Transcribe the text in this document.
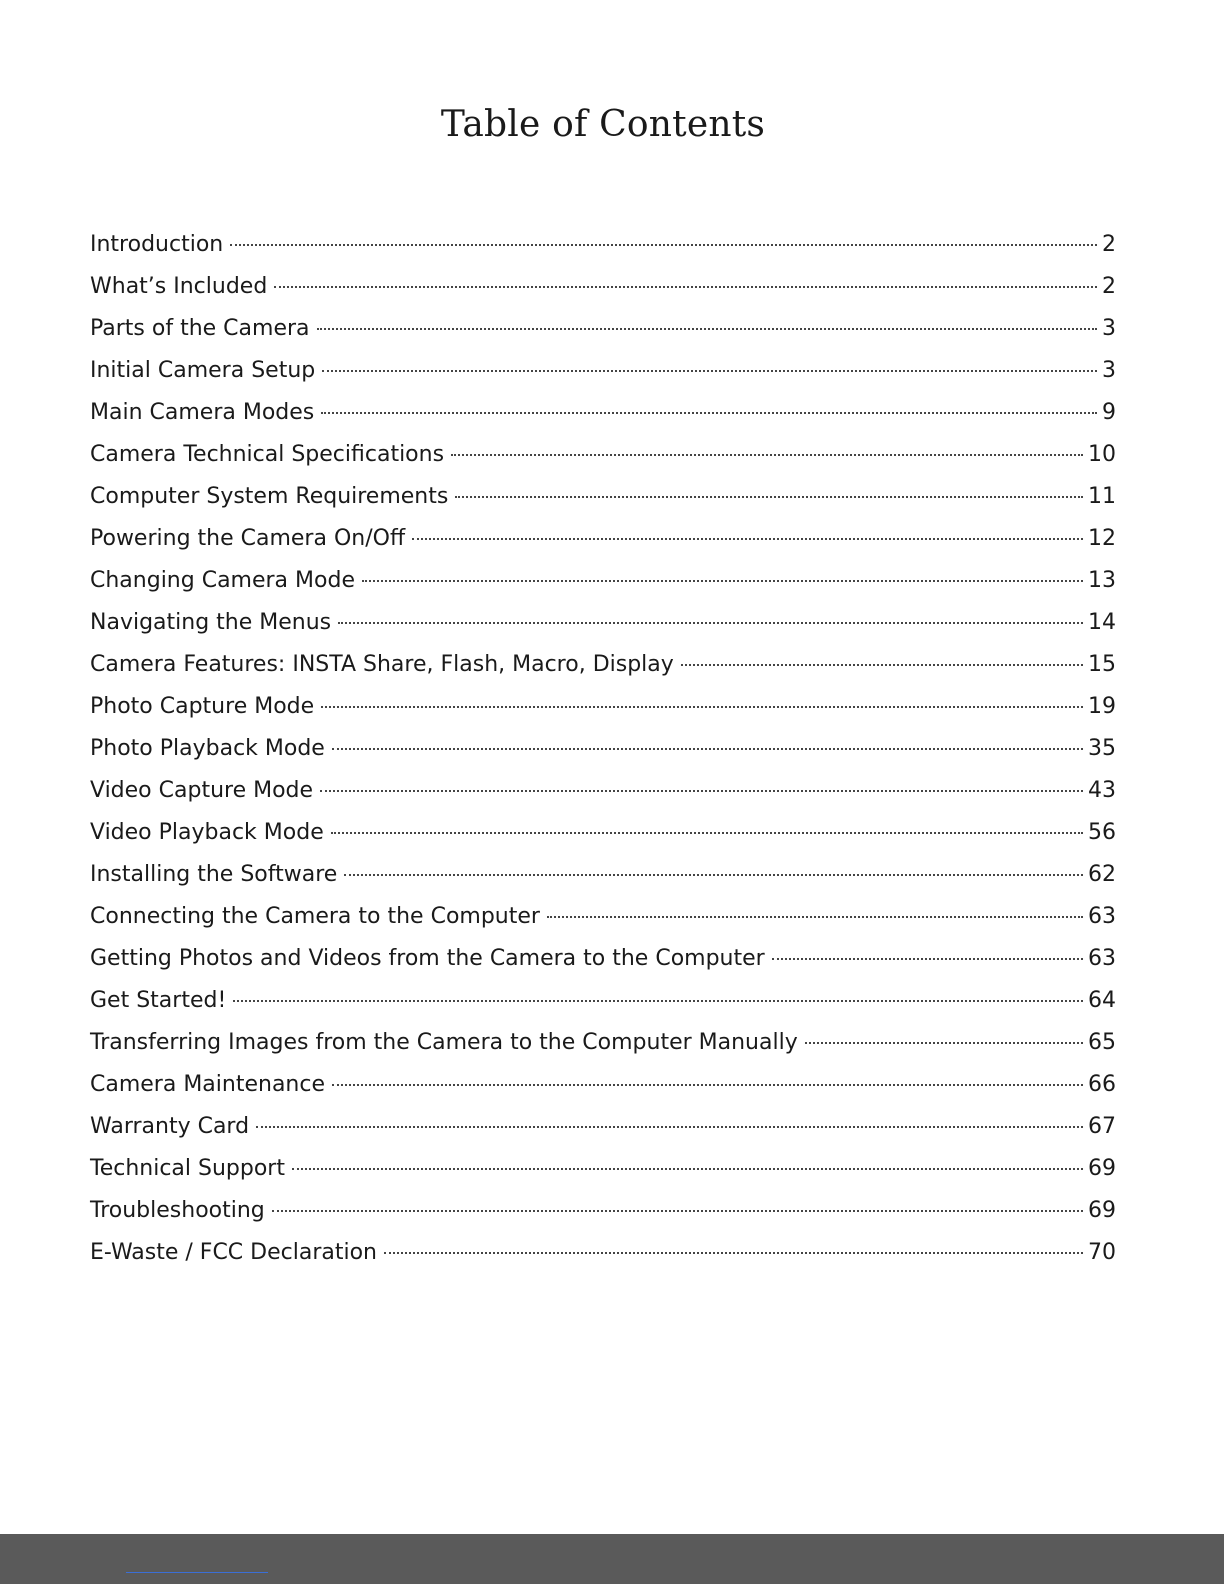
Table of Contents
Introduction	2
What’s Included	2
Parts of the Camera	3
Initial Camera Setup	3
Main Camera Modes	9
Camera Technical Specifications	10
Computer System Requirements	11
Powering the Camera On/Off	12
Changing Camera Mode	13
Navigating the Menus	14
Camera Features: INSTA Share, Flash, Macro, Display	15
Photo Capture Mode	19
Photo Playback Mode	35
Video Capture Mode	43
Video Playback Mode	56
Installing the Software	62
Connecting the Camera to the Computer	63
Getting Photos and Videos from the Camera to the Computer	63
Get Started!	64
Transferring Images from the Camera to the Computer Manually	65
Camera Maintenance	66
Warranty Card	67
Technical Support	69
Troubleshooting	69
E-Waste / FCC Declaration	70
